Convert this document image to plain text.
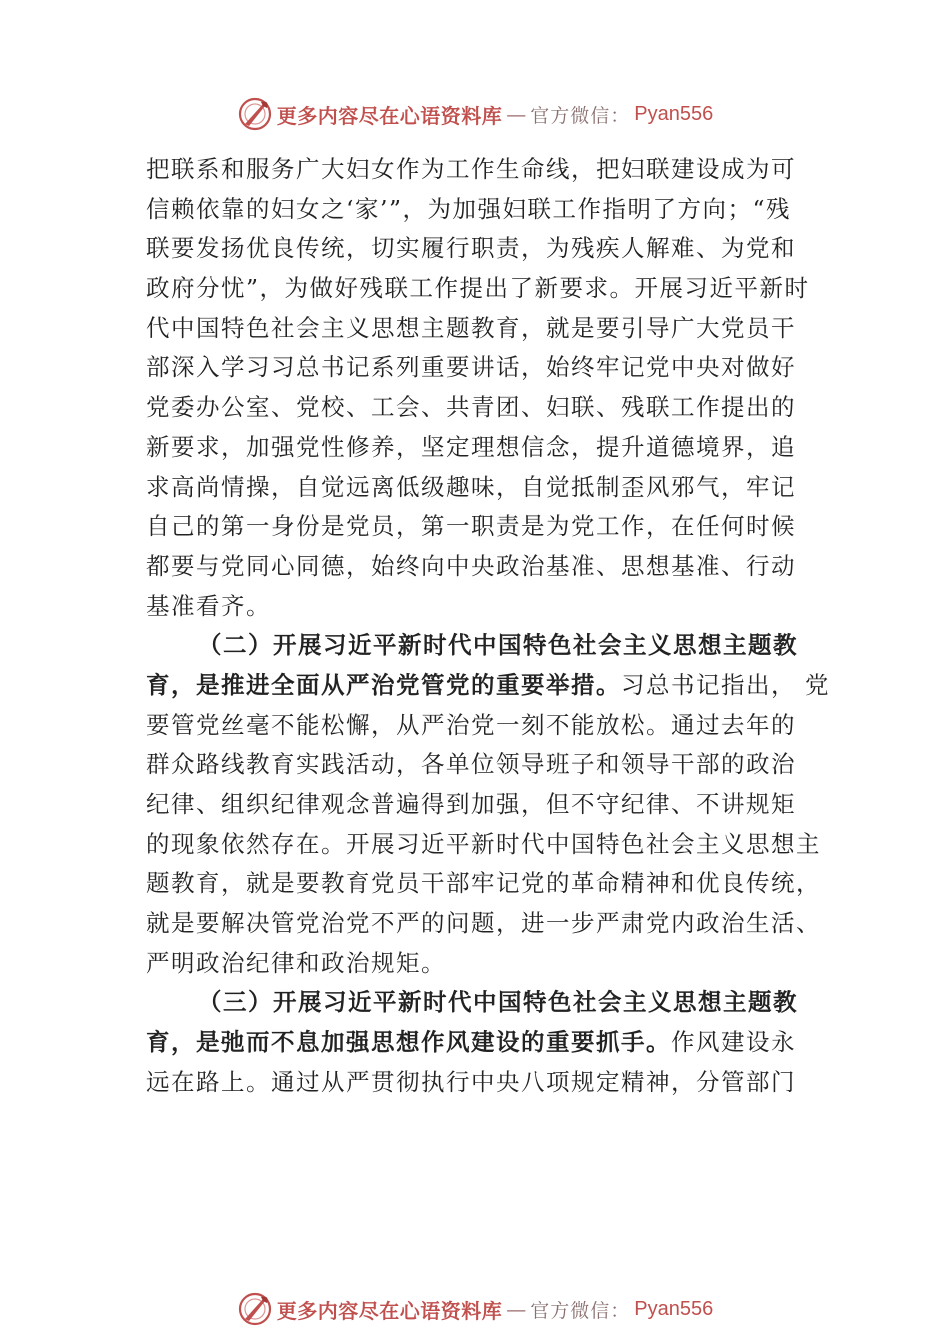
更多内容尽在心语资料库 — 官方微信： Pyan556
把联系和服务广大妇女作为工作生命线，把妇联建设成为可
信赖依靠的妇女之‘家’”，为加强妇联工作指明了方向；“残
联要发扬优良传统，切实履行职责，为残疾人解难、为党和
政府分忧”，为做好残联工作提出了新要求。开展习近平新时
代中国特色社会主义思想主题教育，就是要引导广大党员干
部深入学习习总书记系列重要讲话，始终牢记党中央对做好
党委办公室、党校、工会、共青团、妇联、残联工作提出的
新要求，加强党性修养，坚定理想信念，提升道德境界，追
求高尚情操，自觉远离低级趣味，自觉抵制歪风邪气，牢记
自己的第一身份是党员，第一职责是为党工作，在任何时候
都要与党同心同德，始终向中央政治基准、思想基准、行动
基准看齐。
（二）开展习近平新时代中国特色社会主义思想主题教
育，是推进全面从严治党管党的重要举措。习总书记指出， 党
要管党丝毫不能松懈，从严治党一刻不能放松。通过去年的
群众路线教育实践活动，各单位领导班子和领导干部的政治
纪律、组织纪律观念普遍得到加强，但不守纪律、不讲规矩
的现象依然存在。开展习近平新时代中国特色社会主义思想主
题教育，就是要教育党员干部牢记党的革命精神和优良传统，
就是要解决管党治党不严的问题，进一步严肃党内政治生活、
严明政治纪律和政治规矩。
（三）开展习近平新时代中国特色社会主义思想主题教
育，是弛而不息加强思想作风建设的重要抓手。作风建设永
远在路上。通过从严贯彻执行中央八项规定精神，分管部门
更多内容尽在心语资料库 — 官方微信： Pyan556
